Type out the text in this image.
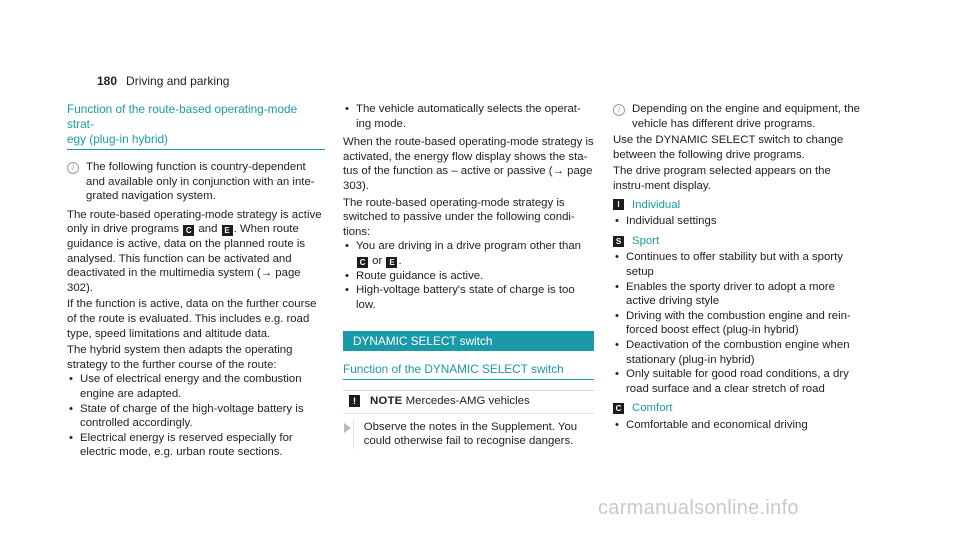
180 Driving and parking
Function of the route-based operating-mode strat-
egy (plug-in hybrid)
i	The following function is country-dependent and available only in conjunction with an inte-grated navigation system.

The route-based operating-mode strategy is active only in drive programs C and E . When route guidance is active, data on the planned route is analysed. This function can be activated and deactivated in the multimedia system (→ page 302).

If the function is active, data on the further course of the route is evaluated. This includes e.g. road type, speed limitations and altitude data.

The hybrid system then adapts the operating strategy to the further course of the route:

• Use of electrical energy and the combustion engine are adapted.
• State of charge of the high-voltage battery is controlled accordingly.
• Electrical energy is reserved especially for electric mode, e.g. urban route sections.
• The vehicle automatically selects the operat-ing mode.

When the route-based operating-mode strategy is activated, the energy flow display shows the sta-tus of the function as – active or passive (→ page 303).

The route-based operating-mode strategy is switched to passive under the following condi-tions:

• You are driving in a drive program other than C or E .
• Route guidance is active.
• High-voltage battery's state of charge is too low.
DYNAMIC SELECT switch
Function of the DYNAMIC SELECT switch
!	NOTE Mercedes-AMG vehicles

Observe the notes in the Supplement. You could otherwise fail to recognise dangers.

i	Depending on the engine and equipment, the vehicle has different drive programs.

Use the DYNAMIC SELECT switch to change between the following drive programs.

The drive program selected appears on the instru-ment display.

I	Individual
• Individual settings
S Sport
• Continues to offer stability but with a sporty setup
• Enables the sporty driver to adopt a more active driving style
• Driving with the combustion engine and rein-forced boost effect (plug-in hybrid)
• Deactivation of the combustion engine when stationary (plug-in hybrid)
• Only suitable for good road conditions, a dry road surface and a clear stretch of road
C Comfort
• Comfortable and economical driving
carmanualsonline.info
